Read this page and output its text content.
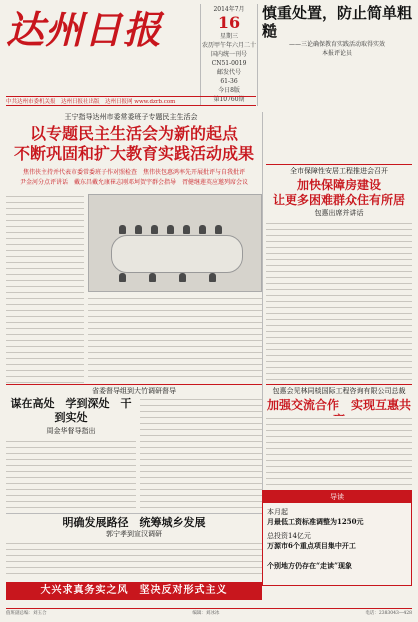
达州日报	2014年7月
16
星期三
农历甲午年六月二十
国内统一刊号
CN51-0019
邮发代号
61-36
今日8版
第10760期
慎重处置，防止简单粗糙
——三论确保教育实践活动取得实效
本报评论员
中共达州市委机关报　达州日报社出版　达州日报网 www.dzrb.com
王宁指导达州市委常委班子专题民主生活会
以专题民主生活会为新的起点
不断巩固和扩大教育实践活动成果
焦伟侠主持并代表市委常委班子作对照检查　焦伟侠包惠鸿率先开展批评与自我批评
尹金河分点评讲话　戴东昌戴允康崔志刚邓坷贺宇群会指导　胥健继莲英应邀列席会议
省委督导组到大竹调研督导
谋在高处　学到深处　干到实处
周金华督导指出
明确发展路径　统筹城乡发展
郭宁孝到宣汉调研
大兴求真务实之风　坚决反对形式主义
全市保障性安居工程推进会召开
加快保障房建设
让更多困难群众住有所居
包惠出席并讲话
包惠会见林同棪国际工程咨询有限公司总裁
加强交流合作　实现互惠共
导读
本月起
月最低工资标准调整为1250元
总投资14亿元
万源市6个重点项目集中开工
个别地方仍存在“走读”现象
值班副总编：刘玉合	编辑：刘冰冰	电话：2383043—428
